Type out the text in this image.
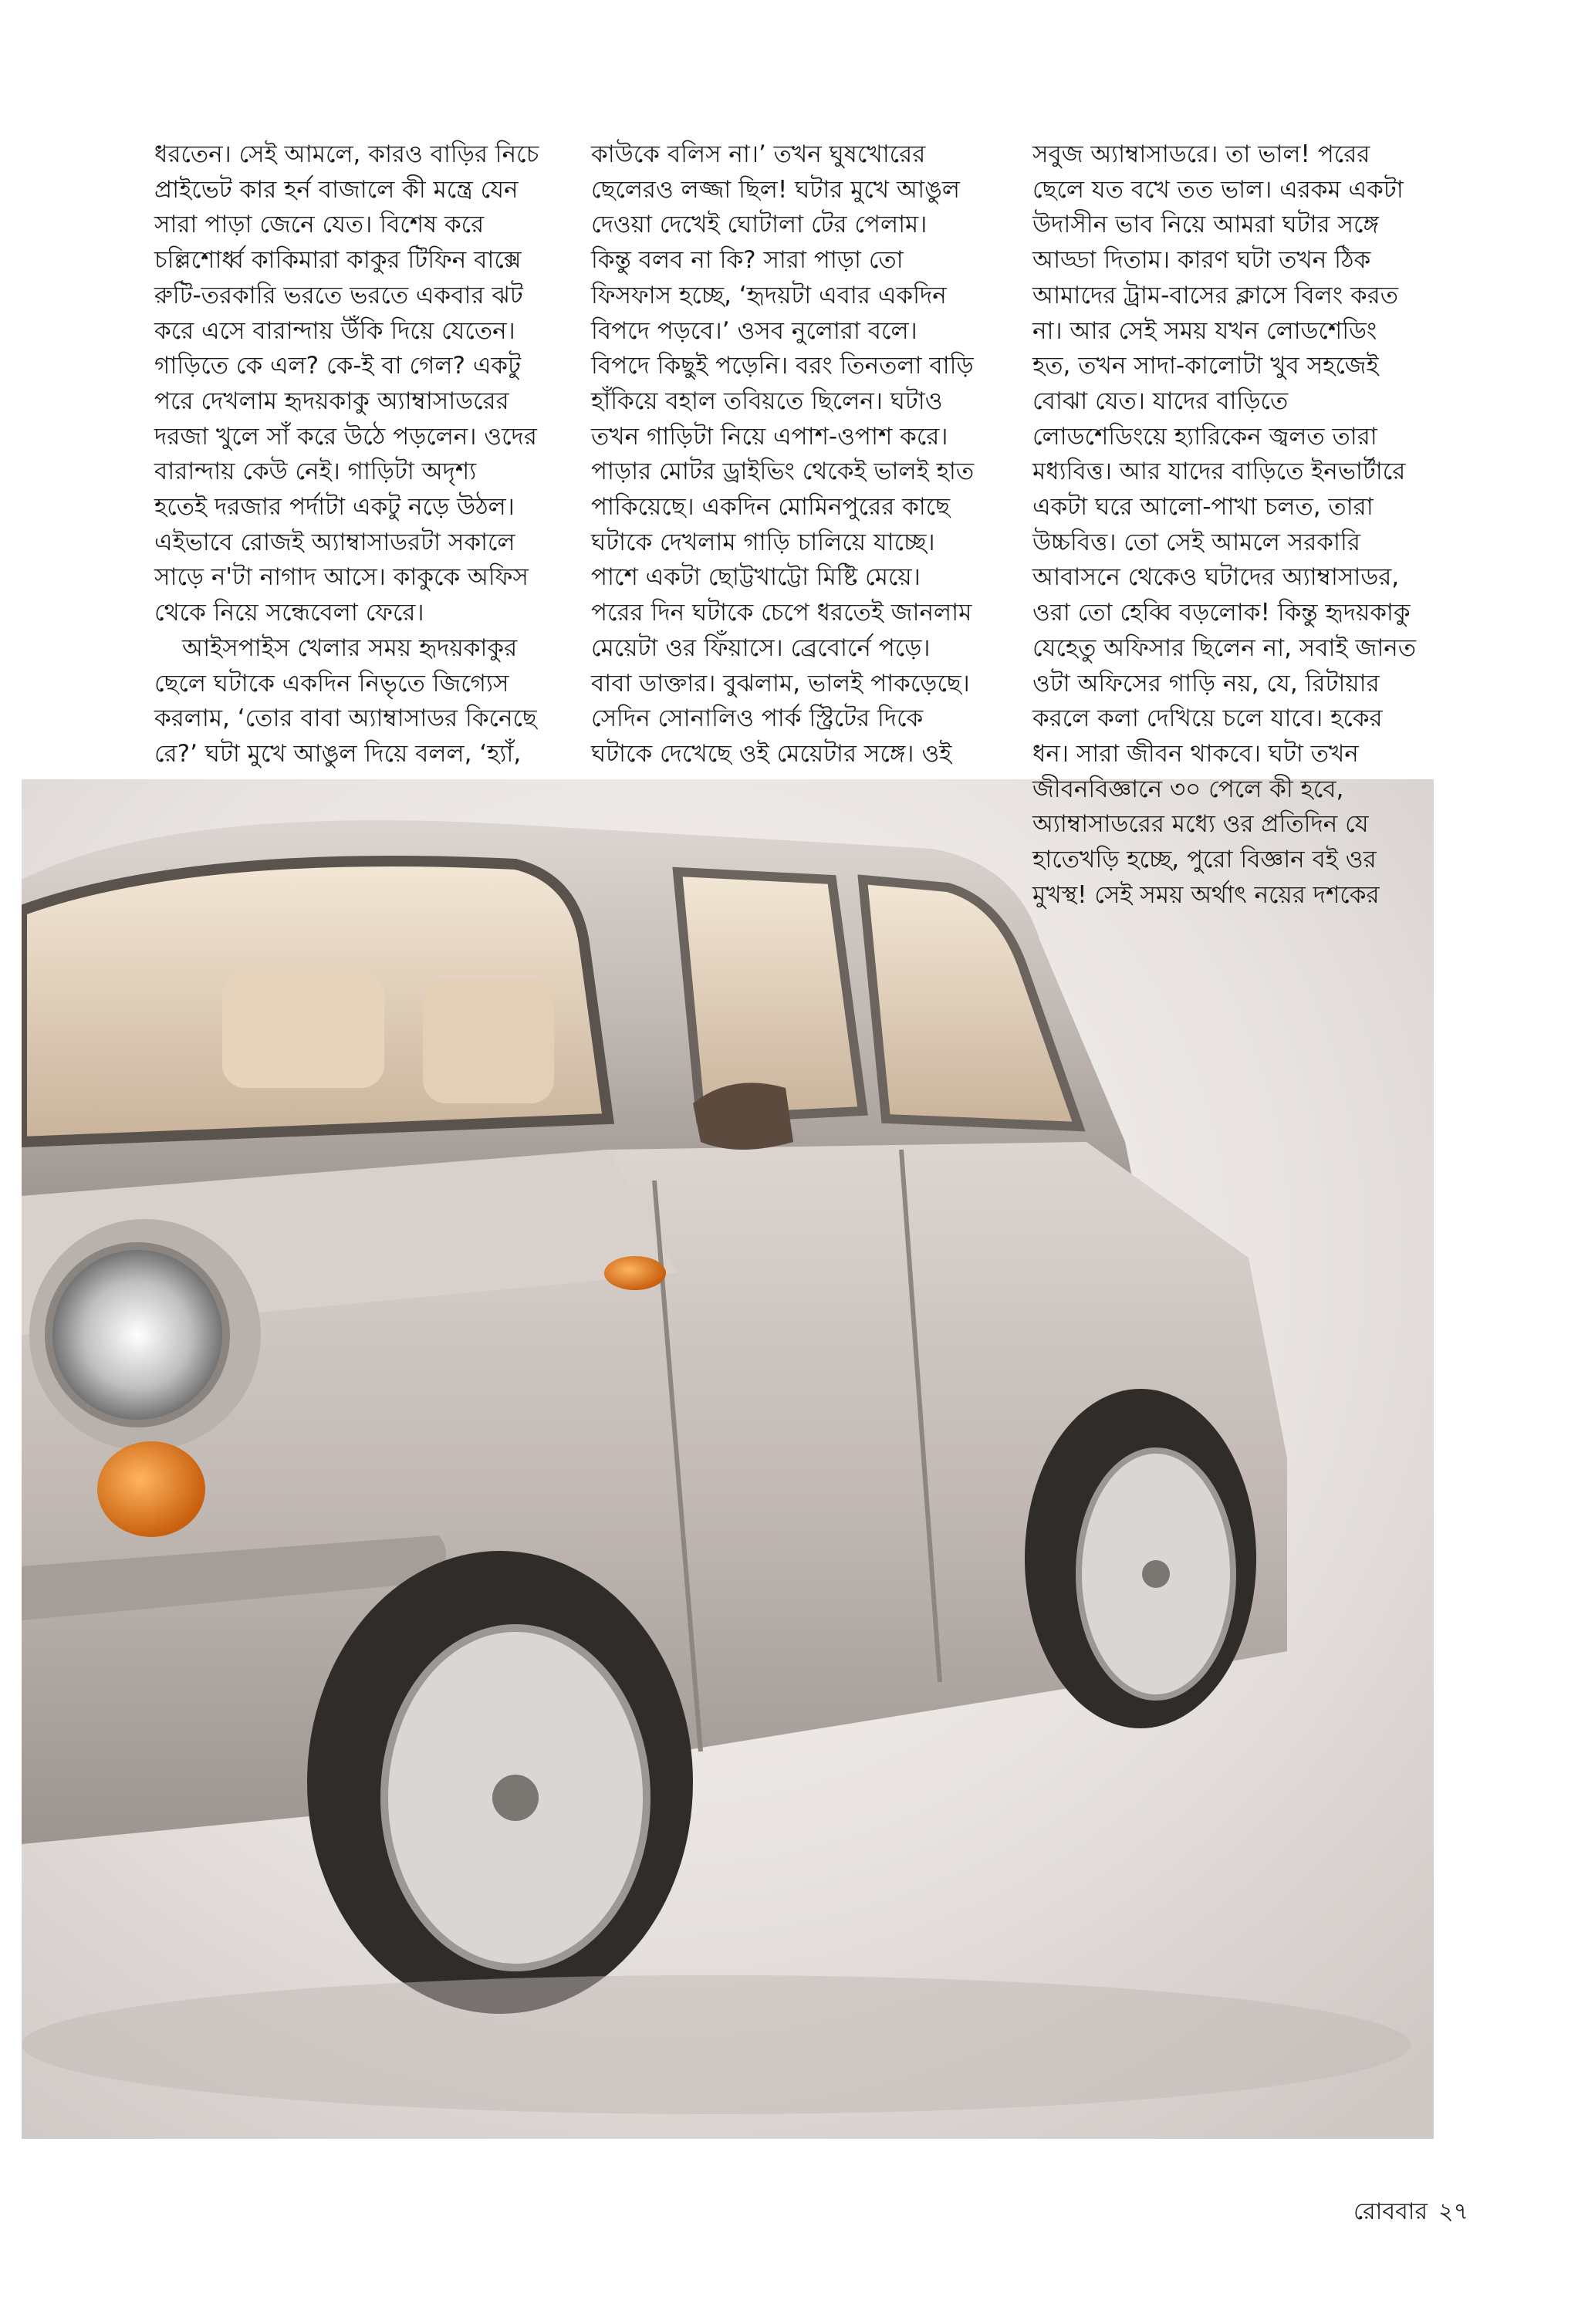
ধরতেন। সেই আমলে, কারও বাড়ির নিচে
প্রাইভেট কার হর্ন বাজালে কী মন্ত্রে যেন
সারা পাড়া জেনে যেত। বিশেষ করে
চল্লিশোর্ধ্ব কাকিমারা কাকুর টিফিন বাক্সে
রুটি-তরকারি ভরতে ভরতে একবার ঝট
করে এসে বারান্দায় উঁকি দিয়ে যেতেন।
গাড়িতে কে এল? কে-ই বা গেল? একটু
পরে দেখলাম হৃদয়কাকু অ্যাম্বাসাডরের
দরজা খুলে সাঁ করে উঠে পড়লেন। ওদের
বারান্দায় কেউ নেই। গাড়িটা অদৃশ্য
হতেই দরজার পর্দাটা একটু নড়ে উঠল।
এইভাবে রোজই অ্যাম্বাসাডরটা সকালে
সাড়ে ন'টা নাগাদ আসে। কাকুকে অফিস
থেকে নিয়ে সন্ধেবেলা ফেরে।
আইসপাইস খেলার সময় হৃদয়কাকুর
ছেলে ঘটাকে একদিন নিভৃতে জিগ্যেস
করলাম, ‘তোর বাবা অ্যাম্বাসাডর কিনেছে
রে?’ ঘটা মুখে আঙুল দিয়ে বলল, ‘হ্যাঁ,
কাউকে বলিস না।’ তখন ঘুষখোরের
ছেলেরও লজ্জা ছিল! ঘটার মুখে আঙুল
দেওয়া দেখেই ঘোটালা টের পেলাম।
কিন্তু বলব না কি? সারা পাড়া তো
ফিসফাস হচ্ছে, ‘হৃদয়টা এবার একদিন
বিপদে পড়বে।’ ওসব নুলোরা বলে।
বিপদে কিছুই পড়েনি। বরং তিনতলা বাড়ি
হাঁকিয়ে বহাল তবিয়তে ছিলেন। ঘটাও
তখন গাড়িটা নিয়ে এপাশ-ওপাশ করে।
পাড়ার মোটর ড্রাইভিং থেকেই ভালই হাত
পাকিয়েছে। একদিন মোমিনপুরের কাছে
ঘটাকে দেখলাম গাড়ি চালিয়ে যাচ্ছে।
পাশে একটা ছোট্টখাট্টো মিষ্টি মেয়ে।
পরের দিন ঘটাকে চেপে ধরতেই জানলাম
মেয়েটা ওর ফিঁয়াসে। ব্রেবোর্নে পড়ে।
বাবা ডাক্তার। বুঝলাম, ভালই পাকড়েছে।
সেদিন সোনালিও পার্ক স্ট্রিটের দিকে
ঘটাকে দেখেছে ওই মেয়েটার সঙ্গে। ওই
সবুজ অ্যাম্বাসাডরে। তা ভাল! পরের
ছেলে যত বখে তত ভাল। এরকম একটা
উদাসীন ভাব নিয়ে আমরা ঘটার সঙ্গে
আড্ডা দিতাম। কারণ ঘটা তখন ঠিক
আমাদের ট্রাম-বাসের ক্লাসে বিলং করত
না। আর সেই সময় যখন লোডশেডিং
হত, তখন সাদা-কালোটা খুব সহজেই
বোঝা যেত। যাদের বাড়িতে
লোডশেডিংয়ে হ্যারিকেন জ্বলত তারা
মধ্যবিত্ত। আর যাদের বাড়িতে ইনভার্টারে
একটা ঘরে আলো-পাখা চলত, তারা
উচ্চবিত্ত। তো সেই আমলে সরকারি
আবাসনে থেকেও ঘটাদের অ্যাম্বাসাডর,
ওরা তো হেব্বি বড়লোক! কিন্তু হৃদয়কাকু
যেহেতু অফিসার ছিলেন না, সবাই জানত
ওটা অফিসের গাড়ি নয়, যে, রিটায়ার
করলে কলা দেখিয়ে চলে যাবে। হকের
ধন। সারা জীবন থাকবে। ঘটা তখন
জীবনবিজ্ঞানে ৩০ পেলে কী হবে,
অ্যাম্বাসাডরের মধ্যে ওর প্রতিদিন যে
হাতেখড়ি হচ্ছে, পুরো বিজ্ঞান বই ওর
মুখস্থ! সেই সময় অর্থাৎ নয়ের দশকের
রোববার ২৭
